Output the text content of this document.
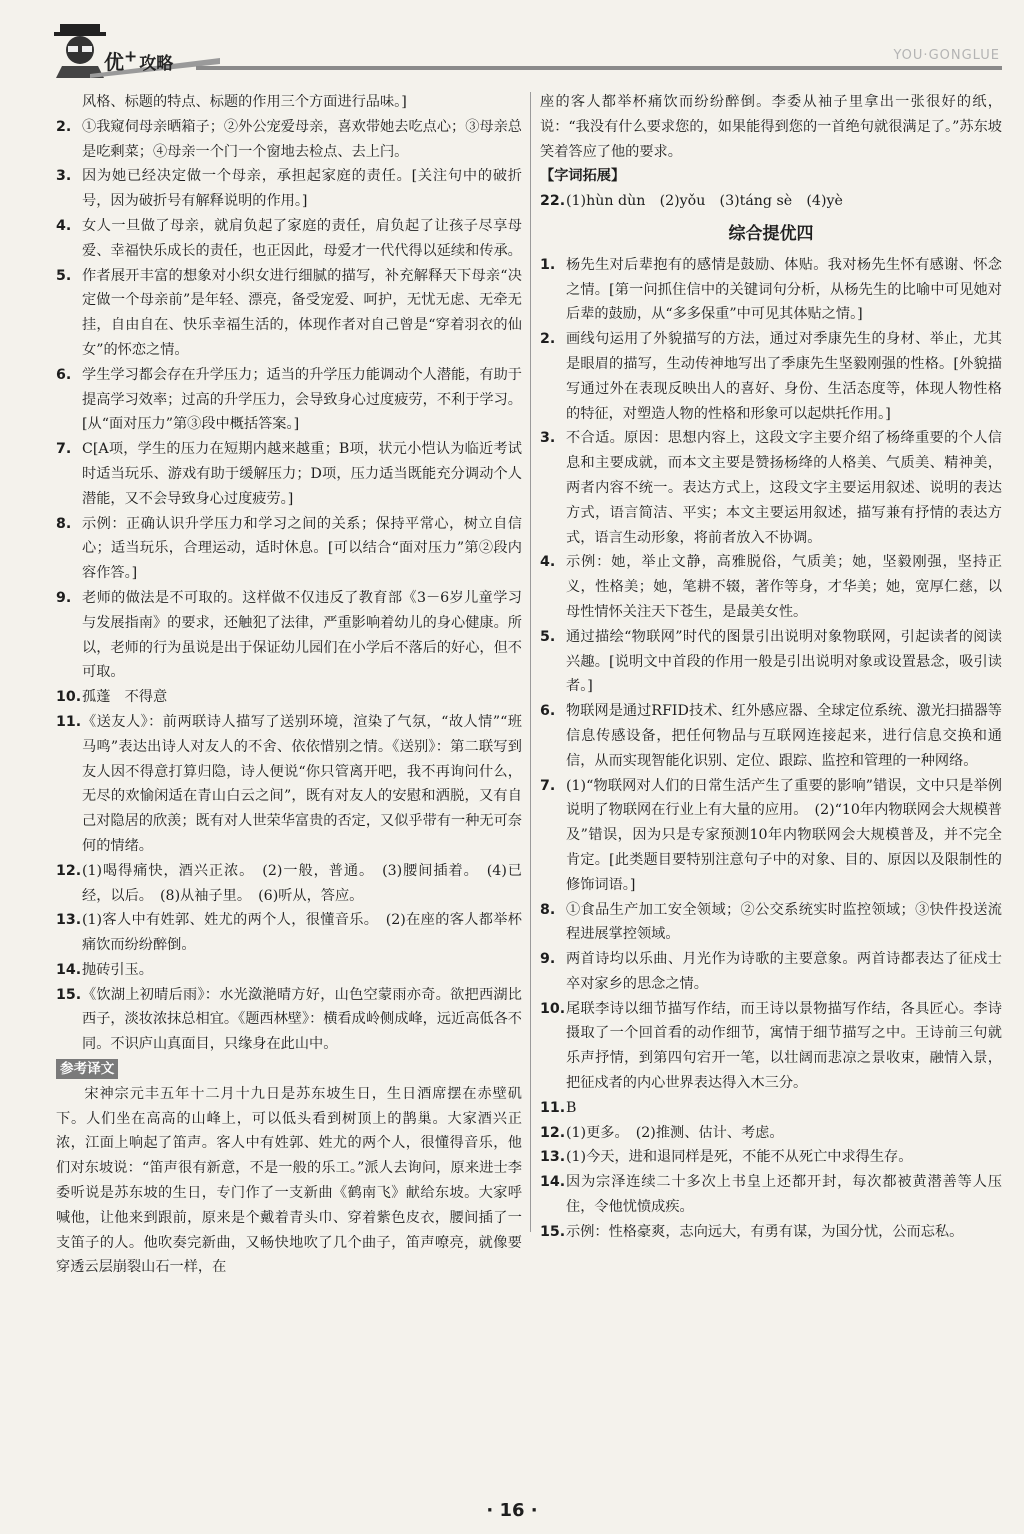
优+ 攻略	YOU·GONGLUE
风格、标题的特点、标题的作用三个方面进行品味。]
2. ①我窥伺母亲晒箱子；②外公宠爱母亲，喜欢带她去吃点心；③母亲总是吃剩菜；④母亲一个门一个窗地去检点、去上闩。
3. 因为她已经决定做一个母亲，承担起家庭的责任。[关注句中的破折号，因为破折号有解释说明的作用。]
4. 女人一旦做了母亲，就肩负起了家庭的责任，肩负起了让孩子尽享母爱、幸福快乐成长的责任，也正因此，母爱才一代代得以延续和传承。
5. 作者展开丰富的想象对小织女进行细腻的描写，补充解释天下母亲“决定做一个母亲前”是年轻、漂亮，备受宠爱、呵护，无忧无虑、无牵无挂，自由自在、快乐幸福生活的，体现作者对自己曾是“穿着羽衣的仙女”的怀恋之情。
6. 学生学习都会存在升学压力；适当的升学压力能调动个人潜能，有助于提高学习效率；过高的升学压力，会导致身心过度疲劳，不利于学习。[从“面对压力”第③段中概括答案。]
7. C[A项，学生的压力在短期内越来越重；B项，状元小恺认为临近考试时适当玩乐、游戏有助于缓解压力；D项，压力适当既能充分调动个人潜能，又不会导致身心过度疲劳。]
8. 示例：正确认识升学压力和学习之间的关系；保持平常心，树立自信心；适当玩乐，合理运动，适时休息。[可以结合“面对压力”第②段内容作答。]
9. 老师的做法是不可取的。这样做不仅违反了教育部《3－6岁儿童学习与发展指南》的要求，还触犯了法律，严重影响着幼儿的身心健康。所以，老师的行为虽说是出于保证幼儿园们在小学后不落后的好心，但不可取。
10. 孤蓬　不得意
11. 《送友人》：前两联诗人描写了送别环境，渲染了气氛，“故人情”“班马鸣”表达出诗人对友人的不舍、依依惜别之情。《送别》：第二联写到友人因不得意打算归隐，诗人便说“你只管离开吧，我不再询问什么，无尽的欢愉闲适在青山白云之间”，既有对友人的安慰和洒脱，又有自己对隐居的欣羡；既有对人世荣华富贵的否定，又似乎带有一种无可奈何的情绪。
12. (1)喝得痛快，酒兴正浓。　(2)一般，普通。　(3)腰间插着。　(4)已经，以后。　(8)从袖子里。　(6)听从，答应。
13. (1)客人中有姓郭、姓尤的两个人，很懂音乐。　(2)在座的客人都举杯痛饮而纷纷醉倒。
14. 抛砖引玉。
15. 《饮湖上初晴后雨》：水光潋滟晴方好，山色空蒙雨亦奇。欲把西湖比西子，淡妆浓抹总相宜。《题西林壁》：横看成岭侧成峰，远近高低各不同。不识庐山真面目，只缘身在此山中。
参考译文
宋神宗元丰五年十二月十九日是苏东坡生日，生日酒席摆在赤壁矶下。人们坐在高高的山峰上，可以低头看到树顶上的鹊巢。大家酒兴正浓，江面上响起了笛声。客人中有姓郭、姓尤的两个人，很懂得音乐，他们对东坡说：“笛声很有新意，不是一般的乐工。”派人去询问，原来进士李委听说是苏东坡的生日，专门作了一支新曲《鹤南飞》献给东坡。大家呼喊他，让他来到跟前，原来是个戴着青头巾、穿着紫色皮衣，腰间插了一支笛子的人。他吹奏完新曲，又畅快地吹了几个曲子，笛声嘹亮，就像要穿透云层崩裂山石一样，在
座的客人都举杯痛饮而纷纷醉倒。李委从袖子里拿出一张很好的纸，说：“我没有什么要求您的，如果能得到您的一首绝句就很满足了。”苏东坡笑着答应了他的要求。
【字词拓展】
22. (1)hùn dùn　(2)yǒu　(3)táng sè　(4)yè
综合提优四
1. 杨先生对后辈抱有的感情是鼓励、体贴。我对杨先生怀有感谢、怀念之情。[第一问抓住信中的关键词句分析，从杨先生的比喻中可见她对后辈的鼓励，从“多多保重”中可见其体贴之情。]
2. 画线句运用了外貌描写的方法，通过对季康先生的身材、举止，尤其是眼眉的描写，生动传神地写出了季康先生坚毅刚强的性格。[外貌描写通过外在表现反映出人的喜好、身份、生活态度等，体现人物性格的特征，对塑造人物的性格和形象可以起烘托作用。]
3. 不合适。原因：思想内容上，这段文字主要介绍了杨绛重要的个人信息和主要成就，而本文主要是赞扬杨绛的人格美、气质美、精神美，两者内容不统一。表达方式上，这段文字主要运用叙述、说明的表达方式，语言简洁、平实；本文主要运用叙述，描写兼有抒情的表达方式，语言生动形象，将前者放入不协调。
4. 示例：她，举止文静，高雅脱俗，气质美；她，坚毅刚强，坚持正义，性格美；她，笔耕不辍，著作等身，才华美；她，宽厚仁慈，以母性情怀关注天下苍生，是最美女性。
5. 通过描绘“物联网”时代的图景引出说明对象物联网，引起读者的阅读兴趣。[说明文中首段的作用一般是引出说明对象或设置悬念，吸引读者。]
6. 物联网是通过RFID技术、红外感应器、全球定位系统、激光扫描器等信息传感设备，把任何物品与互联网连接起来，进行信息交换和通信，从而实现智能化识别、定位、跟踪、监控和管理的一种网络。
7. (1)“物联网对人们的日常生活产生了重要的影响”错误，文中只是举例说明了物联网在行业上有大量的应用。　(2)“10年内物联网会大规模普及”错误，因为只是专家预测10年内物联网会大规模普及，并不完全肯定。[此类题目要特别注意句子中的对象、目的、原因以及限制性的修饰词语。]
8. ①食品生产加工安全领域；②公交系统实时监控领域；③快件投送流程进展掌控领域。
9. 两首诗均以乐曲、月光作为诗歌的主要意象。两首诗都表达了征戍士卒对家乡的思念之情。
10. 尾联李诗以细节描写作结，而王诗以景物描写作结，各具匠心。李诗摄取了一个回首看的动作细节，寓情于细节描写之中。王诗前三句就乐声抒情，到第四句宕开一笔，以壮阔而悲凉之景收束，融情入景，把征戍者的内心世界表达得入木三分。
11. B
12. (1)更多。　(2)推测、估计、考虑。
13. (1)今天，进和退同样是死，不能不从死亡中求得生存。
14. 因为宗泽连续二十多次上书皇上还都开封，每次都被黄潜善等人压住，令他忧愤成疾。
15. 示例：性格豪爽，志向远大，有勇有谋，为国分忧，公而忘私。
· 16 ·
